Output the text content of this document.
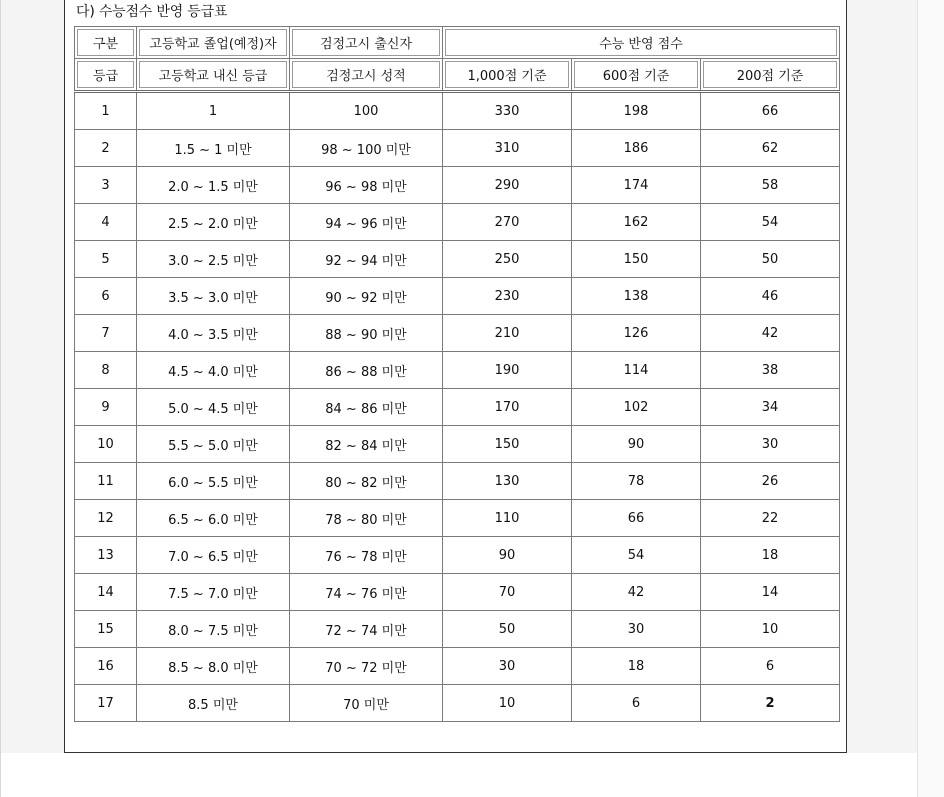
다) 수능점수 반영 등급표
구분	고등학교 졸업(예정)자	검정고시 출신자	수능 반영 점수		
등급	고등학교 내신 등급	검정고시 성적	1,000점 기준	600점 기준	200점 기준
1	1	100	330	198	66
2	1.5 ~ 1 미만	98 ~ 100 미만	310	186	62
3	2.0 ~ 1.5 미만	96 ~ 98 미만	290	174	58
4	2.5 ~ 2.0 미만	94 ~ 96 미만	270	162	54
5	3.0 ~ 2.5 미만	92 ~ 94 미만	250	150	50
6	3.5 ~ 3.0 미만	90 ~ 92 미만	230	138	46
7	4.0 ~ 3.5 미만	88 ~ 90 미만	210	126	42
8	4.5 ~ 4.0 미만	86 ~ 88 미만	190	114	38
9	5.0 ~ 4.5 미만	84 ~ 86 미만	170	102	34
10	5.5 ~ 5.0 미만	82 ~ 84 미만	150	90	30
11	6.0 ~ 5.5 미만	80 ~ 82 미만	130	78	26
12	6.5 ~ 6.0 미만	78 ~ 80 미만	110	66	22
13	7.0 ~ 6.5 미만	76 ~ 78 미만	90	54	18
14	7.5 ~ 7.0 미만	74 ~ 76 미만	70	42	14
15	8.0 ~ 7.5 미만	72 ~ 74 미만	50	30	10
16	8.5 ~ 8.0 미만	70 ~ 72 미만	30	18	6
17	8.5 미만	70 미만	10	6	2
